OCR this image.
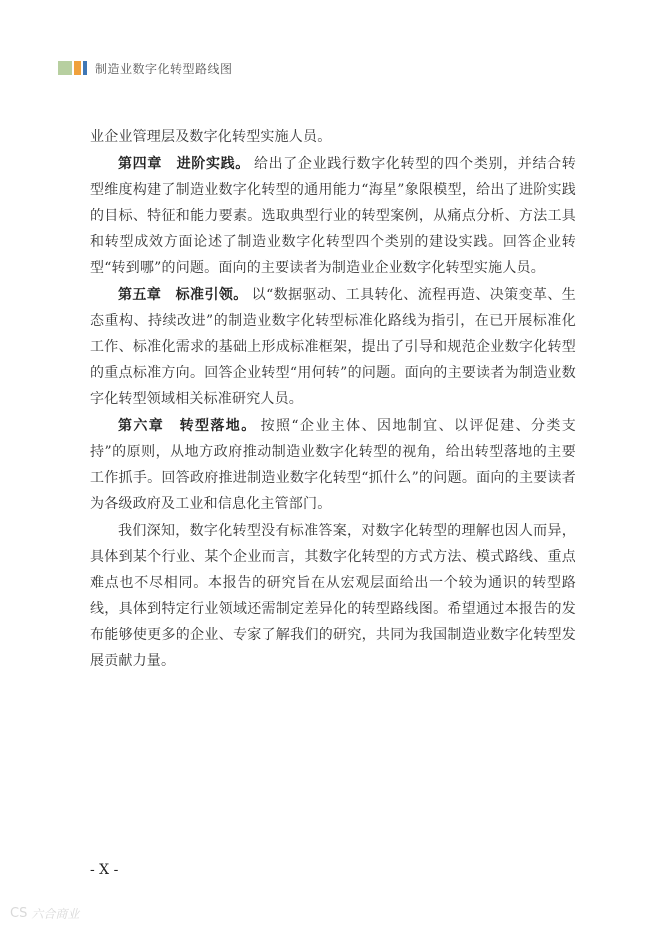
制造业数字化转型路线图

业企业管理层及数字化转型实施人员。

第四章　进阶实践。 给出了企业践行数字化转型的四个类别，并结合转型维度构建了制造业数字化转型的通用能力“海星”象限模型，给出了进阶实践的目标、特征和能力要素。选取典型行业的转型案例，从痛点分析、方法工具和转型成效方面论述了制造业数字化转型四个类别的建设实践。回答企业转型“转到哪”的问题。面向的主要读者为制造业企业数字化转型实施人员。

第五章　标准引领。 以“数据驱动、工具转化、流程再造、决策变革、生态重构、持续改进”的制造业数字化转型标准化路线为指引，在已开展标准化工作、标准化需求的基础上形成标准框架，提出了引导和规范企业数字化转型的重点标准方向。回答企业转型“用何转”的问题。面向的主要读者为制造业数字化转型领域相关标准研究人员。

第六章　转型落地。 按照“企业主体、因地制宜、以评促建、分类支持”的原则，从地方政府推动制造业数字化转型的视角，给出转型落地的主要工作抓手。回答政府推进制造业数字化转型“抓什么”的问题。面向的主要读者为各级政府及工业和信息化主管部门。

我们深知，数字化转型没有标准答案，对数字化转型的理解也因人而异，具体到某个行业、某个企业而言，其数字化转型的方式方法、模式路线、重点难点也不尽相同。本报告的研究旨在从宏观层面给出一个较为通识的转型路线，具体到特定行业领域还需制定差异化的转型路线图。希望通过本报告的发布能够使更多的企业、专家了解我们的研究，共同为我国制造业数字化转型发展贡献力量。

- X -
CS 六合商业
